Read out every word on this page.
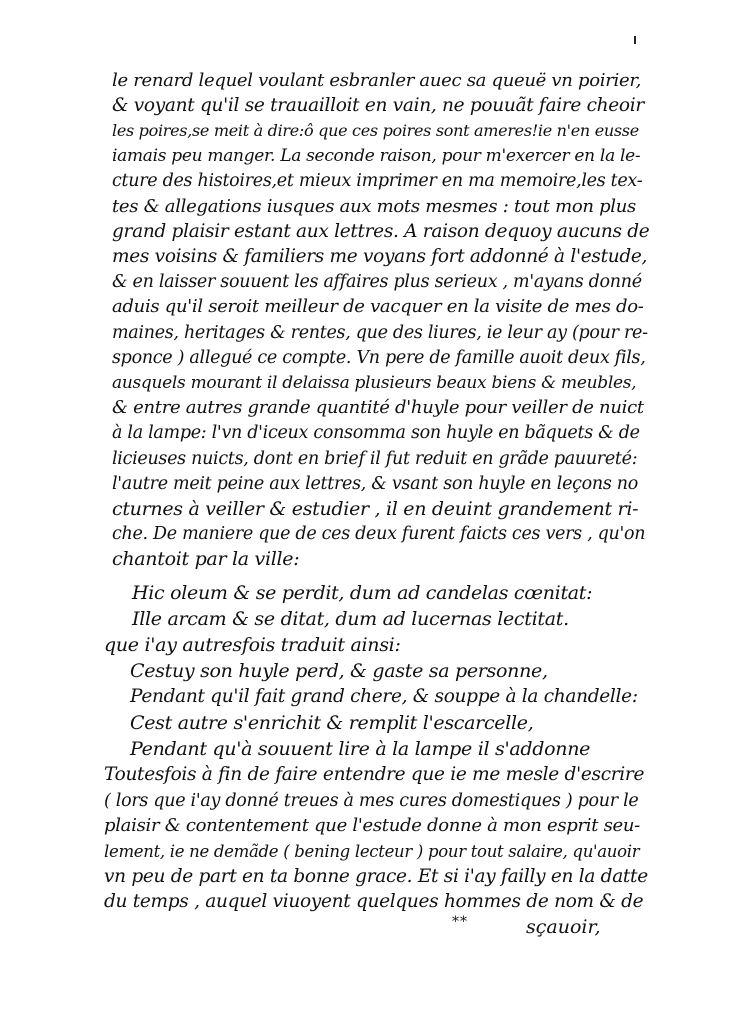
le renard lequel voulant esbranler auec sa queuë vn poirier,
& voyant qu'il se trauailloit en vain, ne pouuãt faire cheoir
les poires,se meit à dire:ô que ces poires sont ameres!ie n'en eusse
iamais peu manger. La seconde raison, pour m'exercer en la le-
cture des histoires,et mieux imprimer en ma memoire,les tex-
tes & allegations iusques aux mots mesmes : tout mon plus
grand plaisir estant aux lettres. A raison dequoy aucuns de
mes voisins & familiers me voyans fort addonné à l'estude,
& en laisser souuent les affaires plus serieux , m'ayans donné
aduis qu'il seroit meilleur de vacquer en la visite de mes do-
maines, heritages & rentes, que des liures, ie leur ay (pour re-
sponce ) allegué ce compte. Vn pere de famille auoit deux fils,
ausquels mourant il delaissa plusieurs beaux biens & meubles,
& entre autres grande quantité d'huyle pour veiller de nuict
à la lampe: l'vn d'iceux consomma son huyle en bãquets & de
licieuses nuicts, dont en brief il fut reduit en grãde pauureté:
l'autre meit peine aux lettres, & vsant son huyle en leçons no
cturnes à veiller & estudier , il en deuint grandement ri-
che. De maniere que de ces deux furent faicts ces vers , qu'on
chantoit par la ville:
Hic oleum & se perdit, dum ad candelas cœnitat:
Ille arcam & se ditat, dum ad lucernas lectitat.
que i'ay autresfois traduit ainsi:
Cestuy son huyle perd, & gaste sa personne,
Pendant qu'il fait grand chere, & souppe à la chandelle:
Cest autre s'enrichit & remplit l'escarcelle,
Pendant qu'à souuent lire à la lampe il s'addonne
Toutesfois à fin de faire entendre que ie me mesle d'escrire
( lors que i'ay donné treues à mes cures domestiques ) pour le
plaisir & contentement que l'estude donne à mon esprit seu-
lement, ie ne demãde ( bening lecteur ) pour tout salaire, qu'auoir
vn peu de part en ta bonne grace. Et si i'ay failly en la datte
du temps , auquel viuoyent quelques hommes de nom & de
**	sçauoir,
